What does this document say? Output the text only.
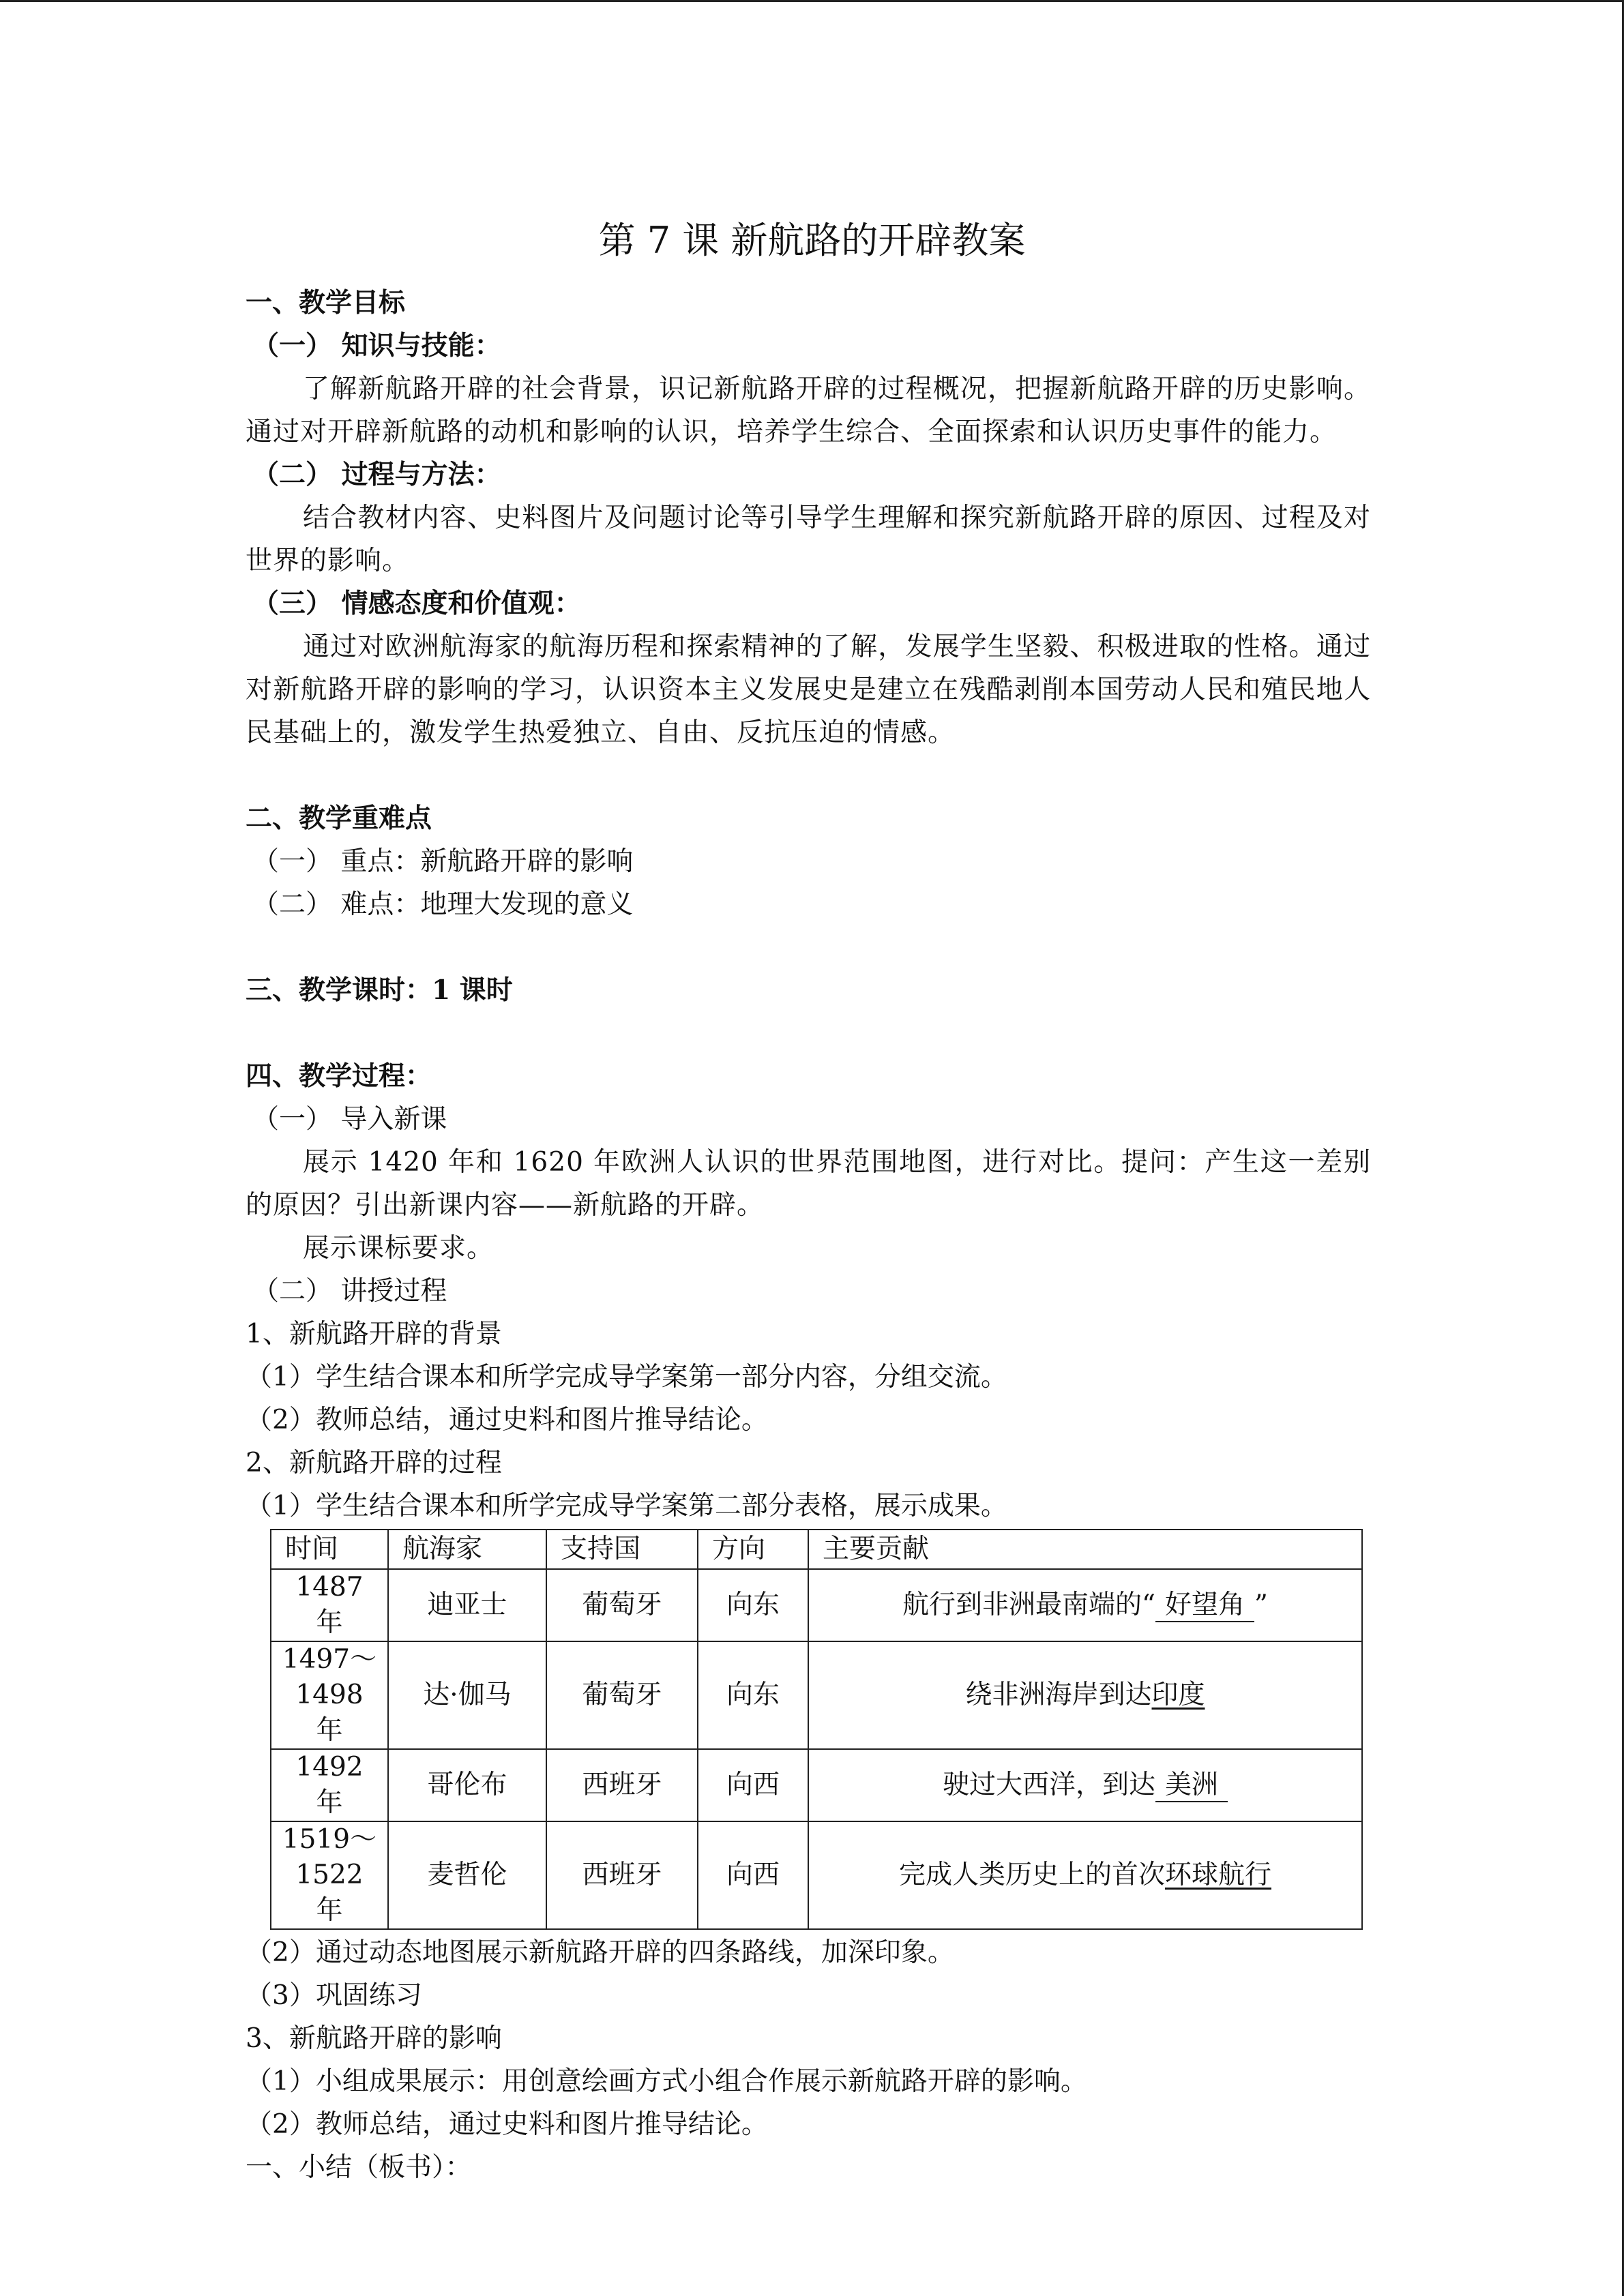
第 7 课 新航路的开辟教案
一、教学目标
（一） 知识与技能：
了解新航路开辟的社会背景，识记新航路开辟的过程概况，把握新航路开辟的历史影响。通过对开辟新航路的动机和影响的认识，培养学生综合、全面探索和认识历史事件的能力。
（二） 过程与方法：
结合教材内容、史料图片及问题讨论等引导学生理解和探究新航路开辟的原因、过程及对世界的影响。
（三） 情感态度和价值观：
通过对欧洲航海家的航海历程和探索精神的了解，发展学生坚毅、积极进取的性格。通过对新航路开辟的影响的学习，认识资本主义发展史是建立在残酷剥削本国劳动人民和殖民地人民基础上的，激发学生热爱独立、自由、反抗压迫的情感。
二、教学重难点
（一） 重点：新航路开辟的影响
（二） 难点：地理大发现的意义
三、教学课时：1 课时
四、教学过程：
（一） 导入新课
展示 1420 年和 1620 年欧洲人认识的世界范围地图，进行对比。提问：产生这一差别的原因？引出新课内容——新航路的开辟。
展示课标要求。
（二） 讲授过程
1、新航路开辟的背景
（1）学生结合课本和所学完成导学案第一部分内容，分组交流。
（2）教师总结，通过史料和图片推导结论。
2、新航路开辟的过程
（1）学生结合课本和所学完成导学案第二部分表格，展示成果。
时间	航海家	支持国	方向	主要贡献
1487 年	迪亚士	葡萄牙	向东	航行到非洲最南端的“ 好望角 ”
1497～1498 年	达·伽马	葡萄牙	向东	绕非洲海岸到达印度
1492 年	哥伦布	西班牙	向西	驶过大西洋，到达 美洲
1519～1522 年	麦哲伦	西班牙	向西	完成人类历史上的首次环球航行
（2）通过动态地图展示新航路开辟的四条路线，加深印象。
（3）巩固练习
3、新航路开辟的影响
（1）小组成果展示：用创意绘画方式小组合作展示新航路开辟的影响。
（2）教师总结，通过史料和图片推导结论。
一、小结（板书）：
